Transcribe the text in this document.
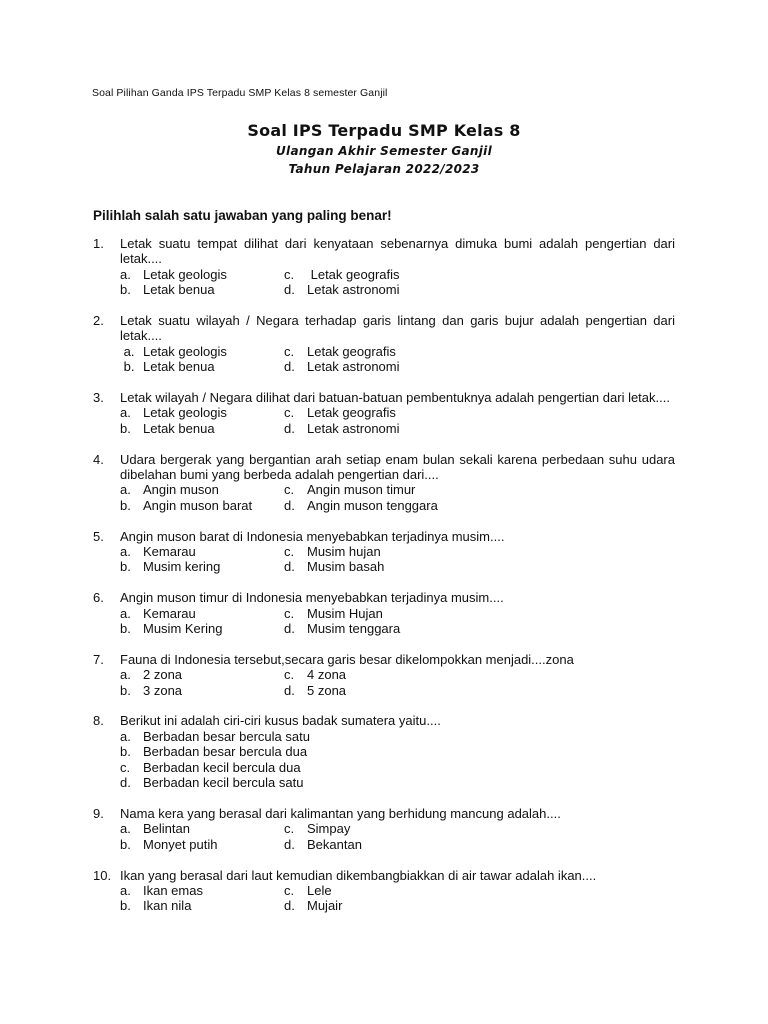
Soal Pilihan Ganda IPS Terpadu SMP Kelas 8 semester Ganjil
Soal IPS Terpadu SMP Kelas 8
Ulangan Akhir Semester Ganjil
Tahun Pelajaran 2022/2023
Pilihlah salah satu jawaban yang paling benar!
1.	Letak suatu tempat dilihat dari kenyataan sebenarnya dimuka bumi adalah pengertian dari letak....
a. Letak geologis	c. Letak geografis
b. Letak benua	d. Letak astronomi
2.	Letak suatu wilayah / Negara terhadap garis lintang dan garis bujur adalah pengertian dari letak....
a. Letak geologis	c. Letak geografis
b. Letak benua	d. Letak astronomi
3.	Letak wilayah / Negara dilihat dari batuan-batuan pembentuknya adalah pengertian dari letak....
a. Letak geologis	c. Letak geografis
b. Letak benua	d. Letak astronomi
4.	Udara bergerak yang bergantian arah setiap enam bulan sekali karena perbedaan suhu udara dibelahan bumi yang berbeda adalah pengertian dari....
a. Angin muson	c. Angin muson timur
b. Angin muson barat	d. Angin muson tenggara
5.	Angin muson barat di Indonesia menyebabkan terjadinya musim....
a. Kemarau	c. Musim hujan
b. Musim kering	d. Musim basah
6.	Angin muson timur di Indonesia menyebabkan terjadinya musim....
a. Kemarau	c. Musim Hujan
b. Musim Kering	d. Musim tenggara
7.	Fauna di Indonesia tersebut,secara garis besar dikelompokkan menjadi....zona
a. 2 zona	c. 4 zona
b. 3 zona	d. 5 zona
8.	Berikut ini adalah ciri-ciri kusus badak sumatera yaitu....
a. Berbadan besar bercula satu
b. Berbadan besar bercula dua
c. Berbadan kecil bercula dua
d. Berbadan kecil bercula satu
9.	Nama kera yang berasal dari kalimantan yang berhidung mancung adalah....
a. Belintan	c. Simpay
b. Monyet putih	d. Bekantan
10. Ikan yang berasal dari laut kemudian dikembangbiakkan di air tawar adalah ikan....
a. Ikan emas	c. Lele
b. Ikan nila	d. Mujair
